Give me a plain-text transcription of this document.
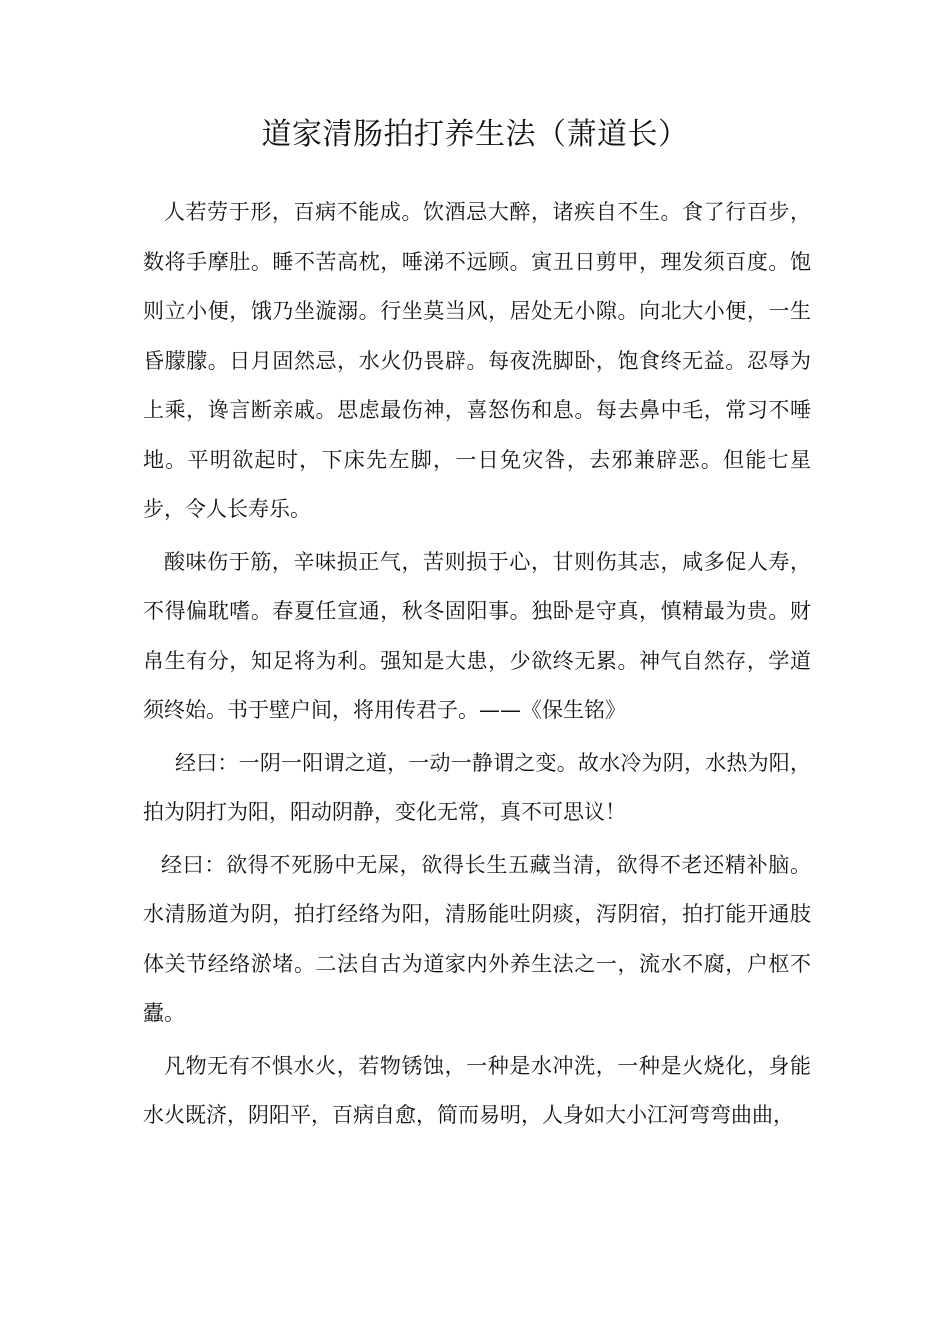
道家清肠拍打养生法（萧道长）

人若劳于形，百病不能成。饮酒忌大醉，诸疾自不生。食了行百步，数将手摩肚。睡不苦高枕，唾涕不远顾。寅丑日剪甲，理发须百度。饱则立小便，饿乃坐漩溺。行坐莫当风，居处无小隙。向北大小便，一生昏朦朦。日月固然忌，水火仍畏辟。每夜洗脚卧，饱食终无益。忍辱为上乘，谗言断亲戚。思虑最伤神，喜怒伤和息。每去鼻中毛，常习不唾地。平明欲起时，下床先左脚，一日免灾咎，去邪兼辟恶。但能七星步，令人长寿乐。

酸味伤于筋，辛味损正气，苦则损于心，甘则伤其志，咸多促人寿，不得偏耽嗜。春夏任宣通，秋冬固阳事。独卧是守真，慎精最为贵。财帛生有分，知足将为利。强知是大患，少欲终无累。神气自然存，学道须终始。书于壁户间，将用传君子。——《保生铭》

经曰：一阴一阳谓之道，一动一静谓之变。故水冷为阴，水热为阳，拍为阴打为阳，阳动阴静，变化无常，真不可思议！

经曰：欲得不死肠中无屎，欲得长生五藏当清，欲得不老还精补脑。水清肠道为阴，拍打经络为阳，清肠能吐阴痰，泻阴宿，拍打能开通肢体关节经络淤堵。二法自古为道家内外养生法之一，流水不腐，户枢不蠹。

凡物无有不惧水火，若物锈蚀，一种是水冲洗，一种是火烧化，身能水火既济，阴阳平，百病自愈，简而易明，人身如大小江河弯弯曲曲，
